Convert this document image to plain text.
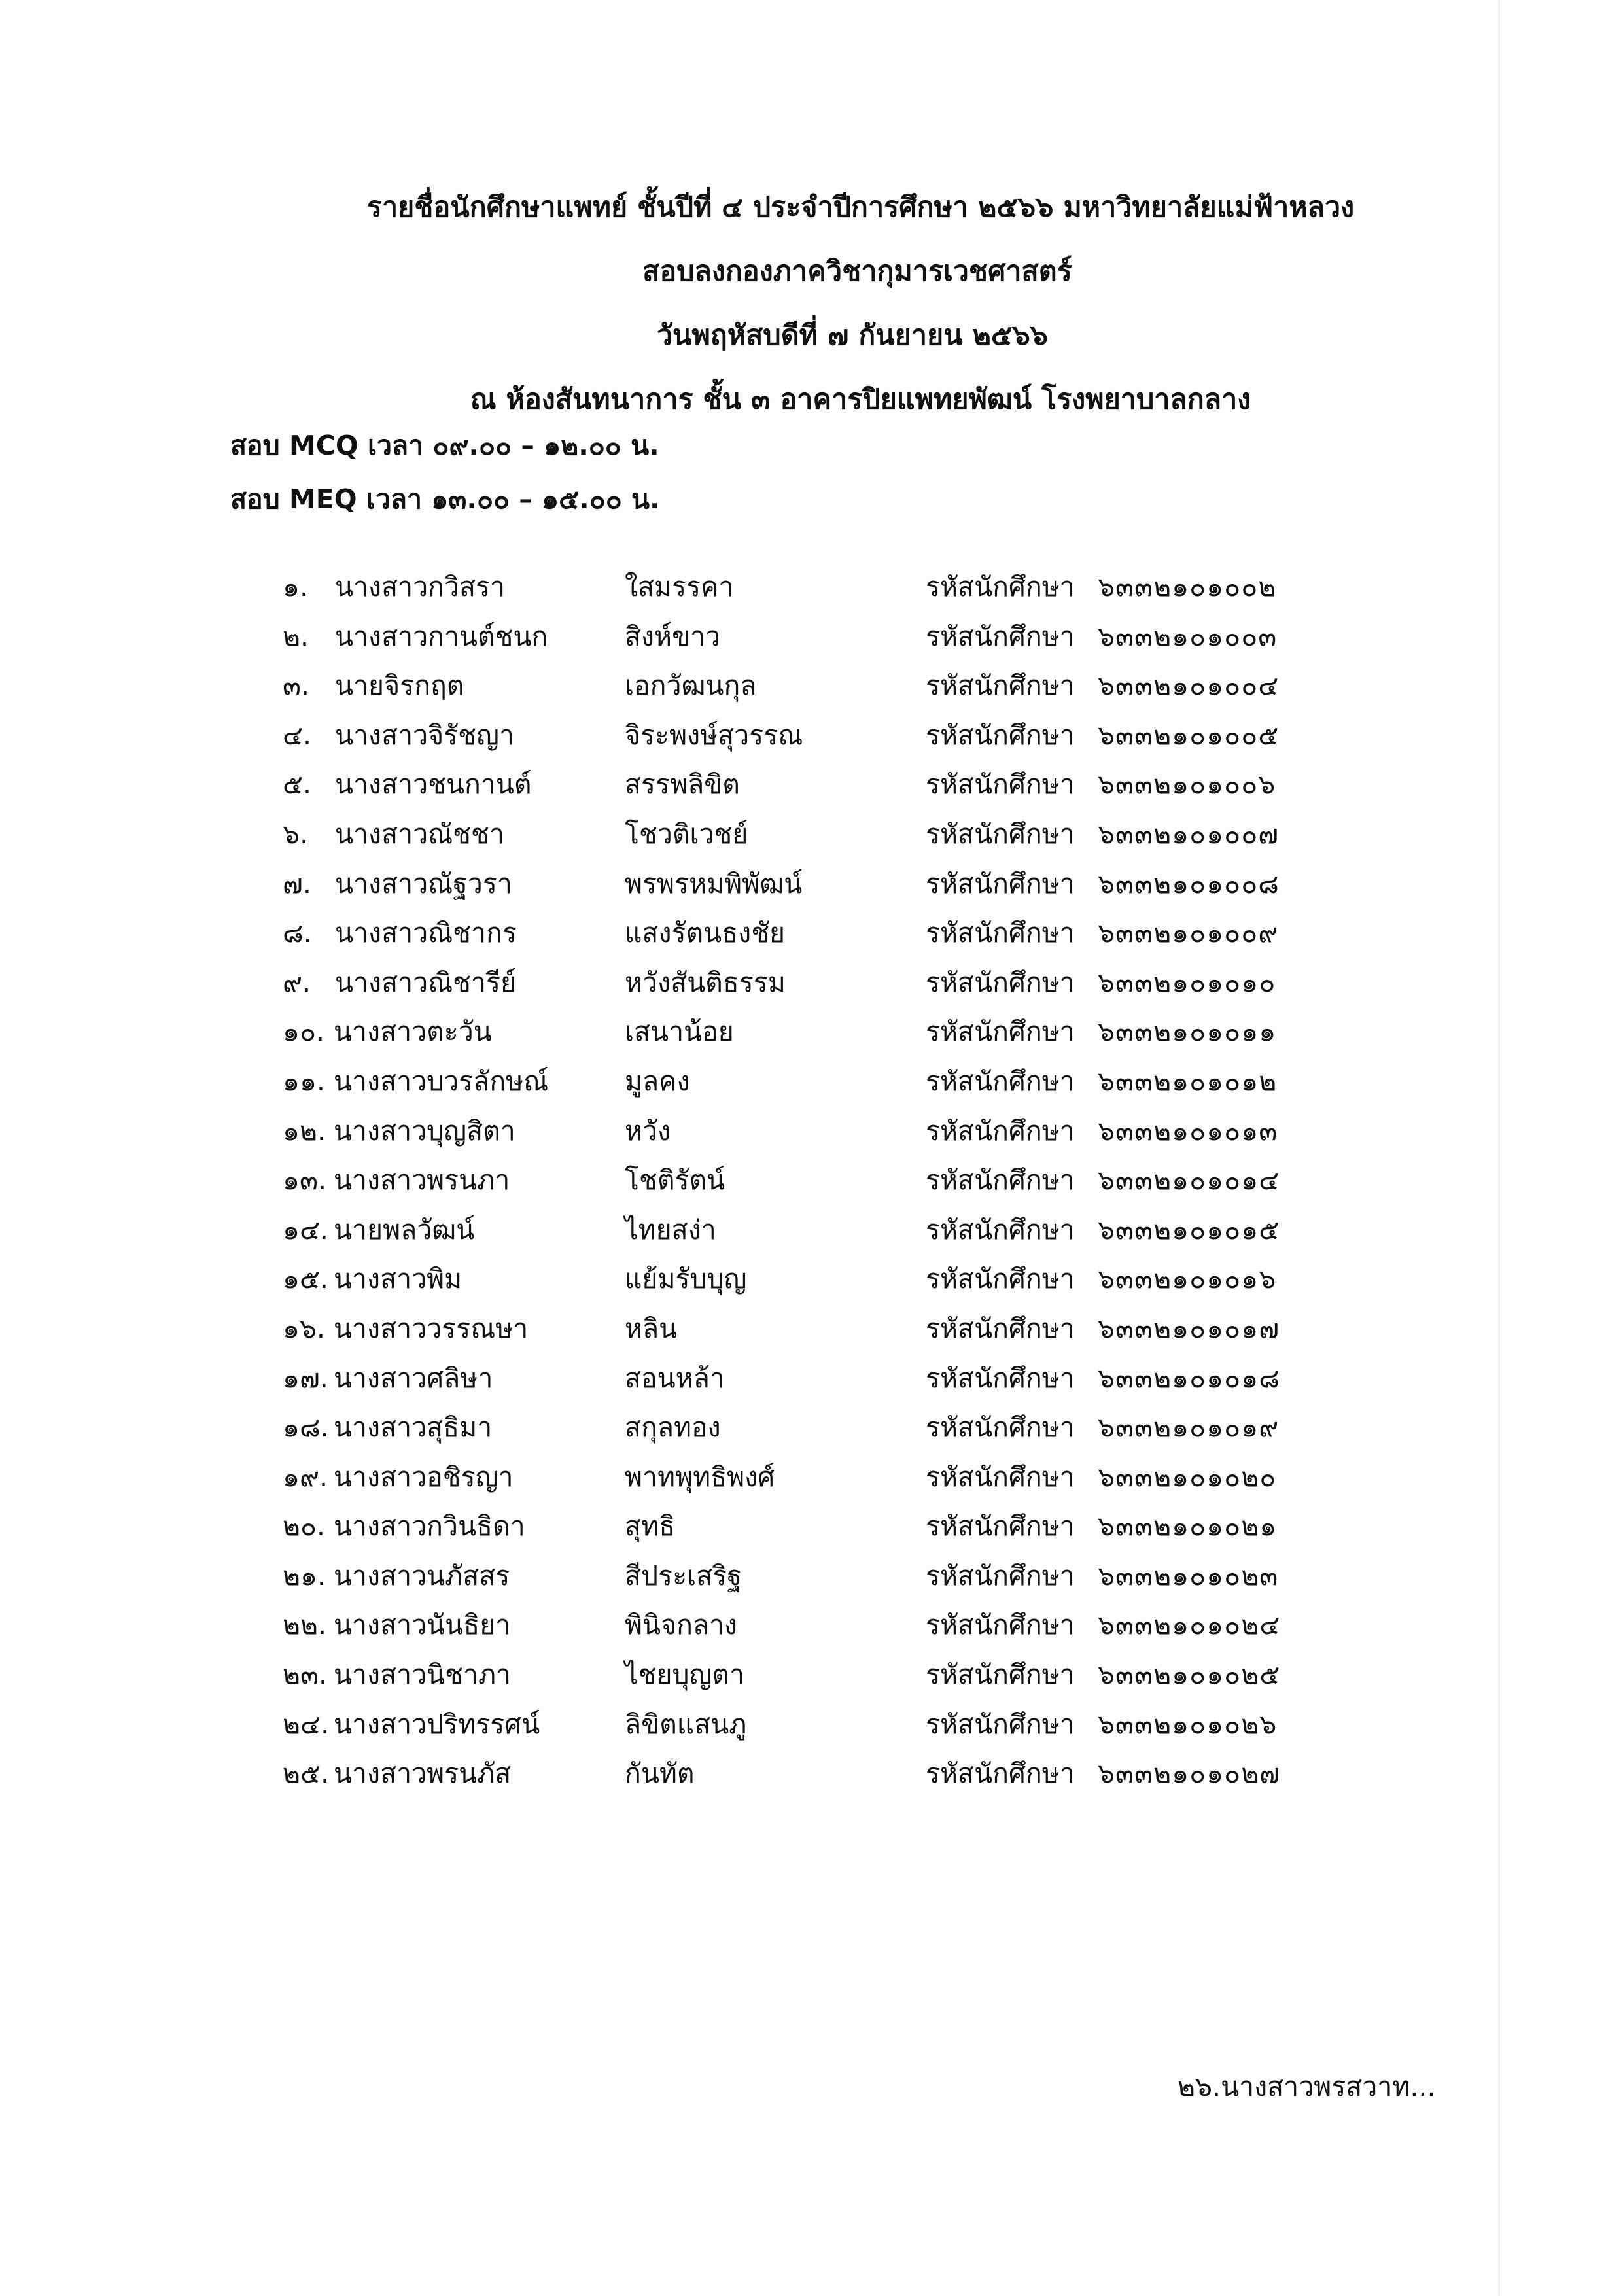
รายชื่อนักศึกษาแพทย์ ชั้นปีที่ ๔ ประจำปีการศึกษา ๒๕๖๖ มหาวิทยาลัยแม่ฟ้าหลวง
สอบลงกองภาควิชากุมารเวชศาสตร์
วันพฤหัสบดีที่ ๗ กันยายน ๒๕๖๖
ณ ห้องสันทนาการ ชั้น ๓ อาคารปิยแพทยพัฒน์ โรงพยาบาลกลาง
สอบ MCQ เวลา ๐๙.๐๐ – ๑๒.๐๐ น.
สอบ MEQ เวลา ๑๓.๐๐ – ๑๕.๐๐ น.
๑. นางสาวกวิสรา	ใสมรรคา	รหัสนักศึกษา ๖๓๓๒๑๐๑๐๐๒
๒. นางสาวกานต์ชนก	สิงห์ขาว	รหัสนักศึกษา ๖๓๓๒๑๐๑๐๐๓
๓. นายจิรกฤต	เอกวัฒนกุล	รหัสนักศึกษา ๖๓๓๒๑๐๑๐๐๔
๔. นางสาวจิรัชญา	จิระพงษ์สุวรรณ	รหัสนักศึกษา ๖๓๓๒๑๐๑๐๐๕
๕. นางสาวชนกานต์	สรรพลิขิต	รหัสนักศึกษา ๖๓๓๒๑๐๑๐๐๖
๖. นางสาวณัชชา	โชวติเวชย์	รหัสนักศึกษา ๖๓๓๒๑๐๑๐๐๗
๗. นางสาวณัฐวรา	พรพรหมพิพัฒน์	รหัสนักศึกษา ๖๓๓๒๑๐๑๐๐๘
๘. นางสาวณิชากร	แสงรัตนธงชัย	รหัสนักศึกษา ๖๓๓๒๑๐๑๐๐๙
๙. นางสาวณิชารีย์	หวังสันติธรรม	รหัสนักศึกษา ๖๓๓๒๑๐๑๐๑๐
๑๐. นางสาวตะวัน	เสนาน้อย	รหัสนักศึกษา ๖๓๓๒๑๐๑๐๑๑
๑๑. นางสาวบวรลักษณ์	มูลคง	รหัสนักศึกษา ๖๓๓๒๑๐๑๐๑๒
๑๒. นางสาวบุญสิตา	หวัง	รหัสนักศึกษา ๖๓๓๒๑๐๑๐๑๓
๑๓. นางสาวพรนภา	โชติรัตน์	รหัสนักศึกษา ๖๓๓๒๑๐๑๐๑๔
๑๔. นายพลวัฒน์	ไทยสง่า	รหัสนักศึกษา ๖๓๓๒๑๐๑๐๑๕
๑๕. นางสาวพิม	แย้มรับบุญ	รหัสนักศึกษา ๖๓๓๒๑๐๑๐๑๖
๑๖. นางสาววรรณษา	หลิน	รหัสนักศึกษา ๖๓๓๒๑๐๑๐๑๗
๑๗. นางสาวศลิษา	สอนหล้า	รหัสนักศึกษา ๖๓๓๒๑๐๑๐๑๘
๑๘. นางสาวสุธิมา	สกุลทอง	รหัสนักศึกษา ๖๓๓๒๑๐๑๐๑๙
๑๙. นางสาวอชิรญา	พาทพุทธิพงศ์	รหัสนักศึกษา ๖๓๓๒๑๐๑๐๒๐
๒๐. นางสาวกวินธิดา	สุทธิ	รหัสนักศึกษา ๖๓๓๒๑๐๑๐๒๑
๒๑. นางสาวนภัสสร	สีประเสริฐ	รหัสนักศึกษา ๖๓๓๒๑๐๑๐๒๓
๒๒. นางสาวนันธิยา	พินิจกลาง	รหัสนักศึกษา ๖๓๓๒๑๐๑๐๒๔
๒๓. นางสาวนิชาภา	ไชยบุญตา	รหัสนักศึกษา ๖๓๓๒๑๐๑๐๒๕
๒๔. นางสาวปริทรรศน์	ลิขิตแสนภู	รหัสนักศึกษา ๖๓๓๒๑๐๑๐๒๖
๒๕. นางสาวพรนภัส	กันทัต	รหัสนักศึกษา ๖๓๓๒๑๐๑๐๒๗
๒๖.นางสาวพรสวาท...
